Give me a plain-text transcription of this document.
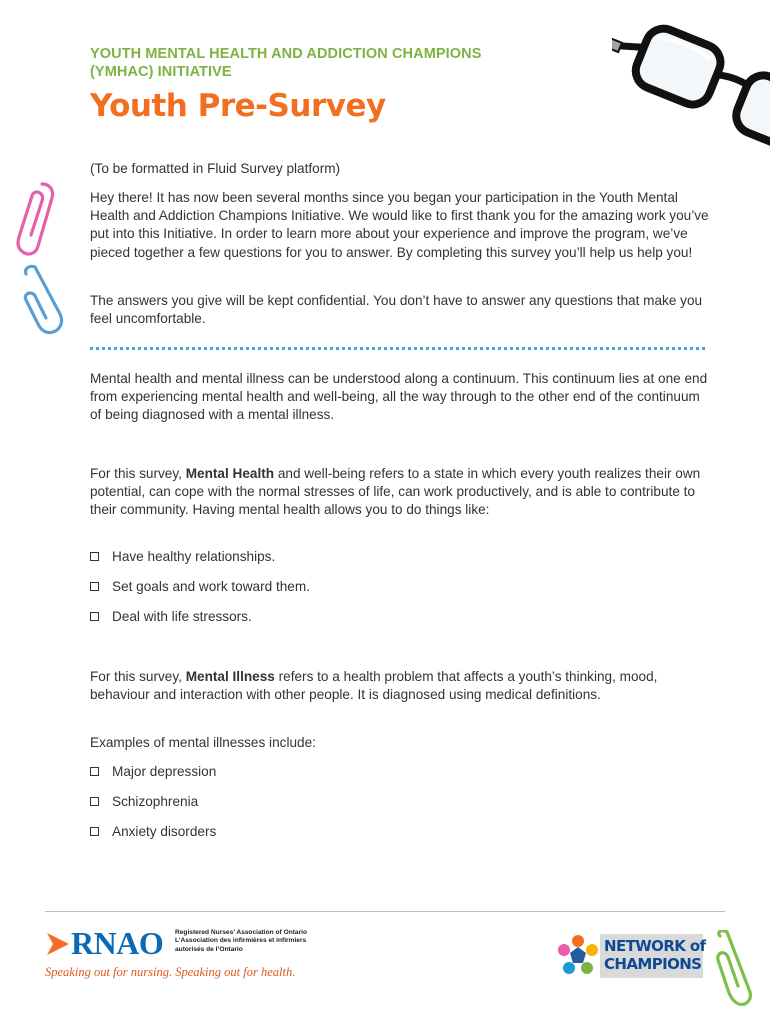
YOUTH MENTAL HEALTH AND ADDICTION CHAMPIONS
(YMHAC) INITIATIVE
Youth Pre-Survey

(To be formatted in Fluid Survey platform)

Hey there! It has now been several months since you began your participation in the Youth Mental Health and Addiction Champions Initiative. We would like to first thank you for the amazing work you’ve put into this Initiative. In order to learn more about your experience and improve the program, we’ve pieced together a few questions for you to answer. By completing this survey you’ll help us help you!

The answers you give will be kept confidential. You don’t have to answer any questions that make you feel uncomfortable.

Mental health and mental illness can be understood along a continuum. This continuum lies at one end from experiencing mental health and well-being, all the way through to the other end of the continuum of being diagnosed with a mental illness.

For this survey, Mental Health and well-being refers to a state in which every youth realizes their own potential, can cope with the normal stresses of life, can work productively, and is able to contribute to their community. Having mental health allows you to do things like:

Have healthy relationships.
Set goals and work toward them.
Deal with life stressors.

For this survey, Mental Illness refers to a health problem that affects a youth’s thinking, mood, behaviour and interaction with other people. It is diagnosed using medical definitions.

Examples of mental illnesses include:

Major depression
Schizophrenia
Anxiety disorders
RNAO Registered Nurses’ Association of Ontario
L’Association des infirmières et infirmiers
autorisés de l’Ontario
Speaking out for nursing. Speaking out for health.
NETWORK of
CHAMPIONS
